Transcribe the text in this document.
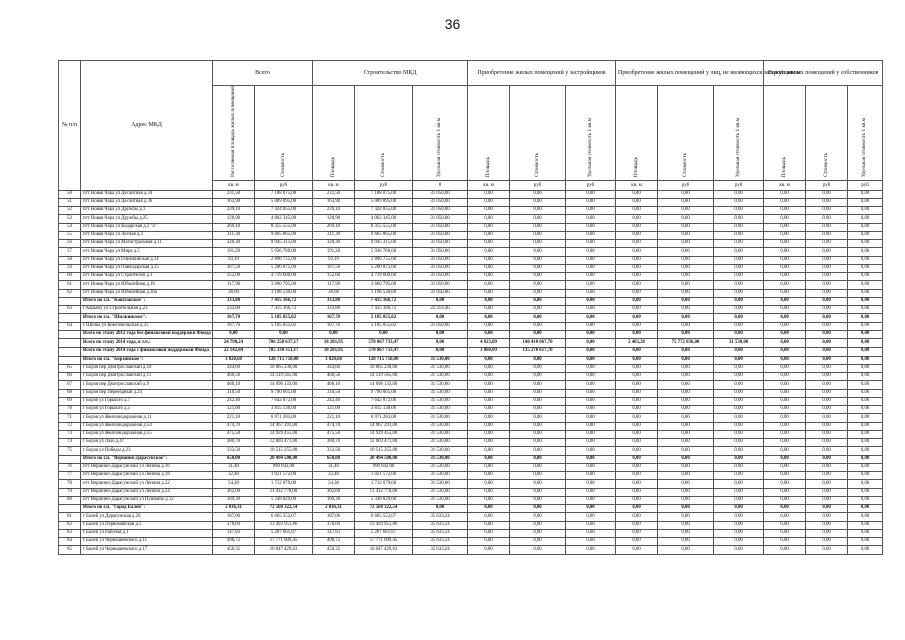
36
№ п/п	Адрес МКД	Всего		Строительство МКД			Приобретение жилых помещений у застройщиков			Приобретение жилых помещений у лиц, не являющихся застройщиком			Выкуп жилых помещений у собственников		
		Расселяемая площадь жилых помещений	Стоимость	Площадь	Стоимость	Удельная стоимость 1 кв.м	Площадь	Стоимость	Удельная стоимость 1 кв.м	Площадь	Стоимость	Удельная стоимость 1 кв.м	Площадь	Стоимость	Удельная стоимость 1 кв.м
		кв. м	руб	кв. м	руб	0	кв. м	руб	руб	кв. м	руб	руб	кв. м	руб	руб
50	пгт Новая Чара ул Десантная д.34	231,50	7 188 075,00	231,50	7 188 075,00	31 050,00	0,00	0,00	0,00	0,00	0,00	0,00	0,00	0,00	0,00
51	пгт Новая Чара ул Десантная д.36	163,90	5 089 095,00	163,90	5 089 095,00	31 050,00	0,00	0,00	0,00	0,00	0,00	0,00	0,00	0,00	0,00
52	пгт Новая Чара ул Дружбы д.1	239,10	7 424 055,00	239,10	7 424 055,00	31 050,00	0,00	0,00	0,00	0,00	0,00	0,00	0,00	0,00	0,00
53	пгт Новая Чара ул Дружбы д.25	128,90	4 002 345,00	128,90	4 002 345,00	31 050,00	0,00	0,00	0,00	0,00	0,00	0,00	0,00	0,00	0,00
54	пгт Новая Чара ул Кодарская д.2 "а"	269,10	8 355 555,00	269,10	8 355 555,00	31 050,00	0,00	0,00	0,00	0,00	0,00	0,00	0,00	0,00	0,00
55	пгт Новая Чара ул Лесная д.3	311,30	9 665 865,00	311,30	9 665 865,00	31 050,00	0,00	0,00	0,00	0,00	0,00	0,00	0,00	0,00	0,00
56	пгт Новая Чара ул Магистральная д.11	320,30	9 945 315,00	320,30	9 945 315,00	31 050,00	0,00	0,00	0,00	0,00	0,00	0,00	0,00	0,00	0,00
57	пгт Новая Чара ул Мира д.5	191,20	5 936 760,00	191,20	5 936 760,00	31 050,00	0,00	0,00	0,00	0,00	0,00	0,00	0,00	0,00	0,00
58	пгт Новая Чара ул Олимпийская д.14	93,10	2 890 755,00	93,10	2 890 755,00	31 050,00	0,00	0,00	0,00	0,00	0,00	0,00	0,00	0,00	0,00
59	пгт Новая Чара ул Павлодарская д.15	167,50	5 200 875,00	167,50	5 200 875,00	31 050,00	0,00	0,00	0,00	0,00	0,00	0,00	0,00	0,00	0,00
60	пгт Новая Чара ул Строителей д.1	152,00	4 719 600,00	152,00	4 719 600,00	31 050,00	0,00	0,00	0,00	0,00	0,00	0,00	0,00	0,00	0,00
61	пгт Новая Чара ул Юбилейная д.18	117,90	3 660 795,00	117,90	3 660 795,00	31 050,00	0,00	0,00	0,00	0,00	0,00	0,00	0,00	0,00	0,00
62	пгт Новая Чара ул Юбилейная д.30а	38,60	1 198 530,00	38,60	1 198 530,00	31 050,00	0,00	0,00	0,00	0,00	0,00	0,00	0,00	0,00	0,00
	Итого по г.п. "Каштакское":	333,80	7 415 166,72	333,80	7 415 166,72	0,00	0,00	0,00	0,00	0,00	0,00	0,00	0,00	0,00	0,00
63	г Карыму ул Строительная д.23	333,80	7 415 166,72	333,80	7 415 166,72	22 214,40	0,00	0,00	0,00	0,00	0,00	0,00	0,00	0,00	0,00
	Итого по г.п. "Шилкинское":	167,70	5 185 055,02	167,70	5 185 055,02	0,00	0,00	0,00	0,00	0,00	0,00	0,00	0,00	0,00	0,00
64	г Шилка ул Комсомольская д.25	167,70	5 185 055,02	167,70	5 185 055,02	31 050,00	0,00	0,00	0,00	0,00	0,00	0,00	0,00	0,00	0,00
	Всего по этапу 2012 года без финансовой поддержки Фонда	0,00	0,00	0,00	0,00	0,00	0,00	0,00	0,00	0,00	0,00	0,00	0,00	0,00	0,00
	Всего по этапу 2014 года, в т.ч.:	24 790,24	786 250 637,17	18 281,95	570 067 733,47	0,00	4 023,89	140 410 067,70	0,00	2 483,20	75 772 836,00	31 530,00	0,00	0,00	0,00
	Всего по этапу 2014 года с финансовой поддержкой Фонда	22 142,84	705 338 351,17	18 281,95	570 067 733,47	0,00	3 860,09	135 270 617,70	0,00	0,00	0,00	0,00	0,00	0,00	0,00
	Итого по г.п. "Борзинское":	3 828,68	120 715 758,00	3 828,68	120 715 758,00	31 530,00	0,00	0,00	0,00	0,00	0,00	0,00	0,00	0,00	0,00
65	г Борзя пер Дмитрославский д.10	344,60	10 865 238,00	344,60	10 865 238,00	31 530,00	0,00	0,00	0,00	0,00	0,00	0,00	0,00	0,00	0,00
66	г Борзя пер Дмитрославский д.11	460,50	14 519 565,00	460,50	14 519 565,00	31 530,00	0,00	0,00	0,00	0,00	0,00	0,00	0,00	0,00	0,00
67	г Борзя пер Дмитрославский д.9	466,10	14 696 133,00	466,10	14 696 133,00	31 530,00	0,00	0,00	0,00	0,00	0,00	0,00	0,00	0,00	0,00
68	г Борзя пер Переездный д.24	310,50	9 790 065,00	310,50	9 790 065,00	31 530,00	0,00	0,00	0,00	0,00	0,00	0,00	0,00	0,00	0,00
69	г Борзя ул Горького д.7	242,40	7 642 872,00	242,40	7 642 872,00	31 530,00	0,00	0,00	0,00	0,00	0,00	0,00	0,00	0,00	0,00
70	г Борзя ул Горького д.5	121,00	3 815 130,00	121,00	3 815 130,00	31 530,00	0,00	0,00	0,00	0,00	0,00	0,00	0,00	0,00	0,00
71	г Борзя ул Железнодорожная д.11	221,10	6 971 283,00	221,10	6 971 283,00	31 530,00	0,00	0,00	0,00	0,00	0,00	0,00	0,00	0,00	0,00
72	г Борзя ул Железнодорожная д.54	474,70	14 967 291,00	474,70	14 967 291,00	31 530,00	0,00	0,00	0,00	0,00	0,00	0,00	0,00	0,00	0,00
73	г Борзя ул Железнодорожная д.55	475,50	14 929 455,00	475,50	14 929 455,00	31 530,00	0,00	0,00	0,00	0,00	0,00	0,00	0,00	0,00	0,00
74	г Борзя ул Лазо д.47	380,70	12 003 471,00	380,70	12 003 471,00	31 530,00	0,00	0,00	0,00	0,00	0,00	0,00	0,00	0,00	0,00
75	г Борзя ул Победы д.23	333,50	10 515 255,00	333,50	10 515 255,00	31 530,00	0,00	0,00	0,00	0,00	0,00	0,00	0,00	0,00	0,00
	Итого по г.п. "Вершино-Дарасунское":	650,00	20 494 500,00	650,00	20 494 500,00	31 530,00	0,00	0,00	0,00	0,00	0,00	0,00	0,00	0,00	0,00
76	пгт Вершино-Дарасунский ул Ленина д.16	31,40	990 042,00	31,40	990 042,00	31 530,00	0,00	0,00	0,00	0,00	0,00	0,00	0,00	0,00	0,00
77	пгт Вершино-Дарасунский ул Ленина д.18	32,40	1 021 572,00	32,40	1 021 572,00	31 530,00	0,00	0,00	0,00	0,00	0,00	0,00	0,00	0,00	0,00
78	пгт Вершино-Дарасунский ул Ленина д.22	54,30	1 712 079,00	54,30	1 712 079,00	31 530,00	0,00	0,00	0,00	0,00	0,00	0,00	0,00	0,00	0,00
79	пгт Вершино-Дарасунский ул Ленина д.24	362,60	11 432 778,00	362,60	11 432 778,00	31 530,00	0,00	0,00	0,00	0,00	0,00	0,00	0,00	0,00	0,00
80	пгт Вершино-Дарасунский ул Пушкина д.12	169,30	5 338 029,00	169,30	5 338 029,00	31 530,00	0,00	0,00	0,00	0,00	0,00	0,00	0,00	0,00	0,00
	Итого по г.п. "Город Балей":	2 036,31	72 568 322,54	2 036,31	72 568 322,54	0,00	0,00	0,00	0,00	0,00	0,00	0,00	0,00	0,00	0,00
81	г Балей ул Дарасунская д.26	187,06	6 665 553,07	187,06	6 665 553,07	35 633,24	0,00	0,00	0,00	0,00	0,00	0,00	0,00	0,00	0,00
82	г Балей ул Первомайская д.5	378,69	13 493 951,86	378,69	13 493 951,86	35 633,24	0,00	0,00	0,00	0,00	0,00	0,00	0,00	0,00	0,00
83	г Балей ул Рабочая д.1	147,83	5 267 661,87	147,83	5 267 661,87	35 633,24	0,00	0,00	0,00	0,00	0,00	0,00	0,00	0,00	0,00
84	г Балей ул Чернышевского д.11	498,72	17 771 009,45	498,72	17 771 009,45	35 633,24	0,00	0,00	0,00	0,00	0,00	0,00	0,00	0,00	0,00
85	г Балей ул Чернышевского д.17	450,35	16 047 429,63	450,35	16 047 429,63	35 633,24	0,00	0,00	0,00	0,00	0,00	0,00	0,00	0,00	0,00
